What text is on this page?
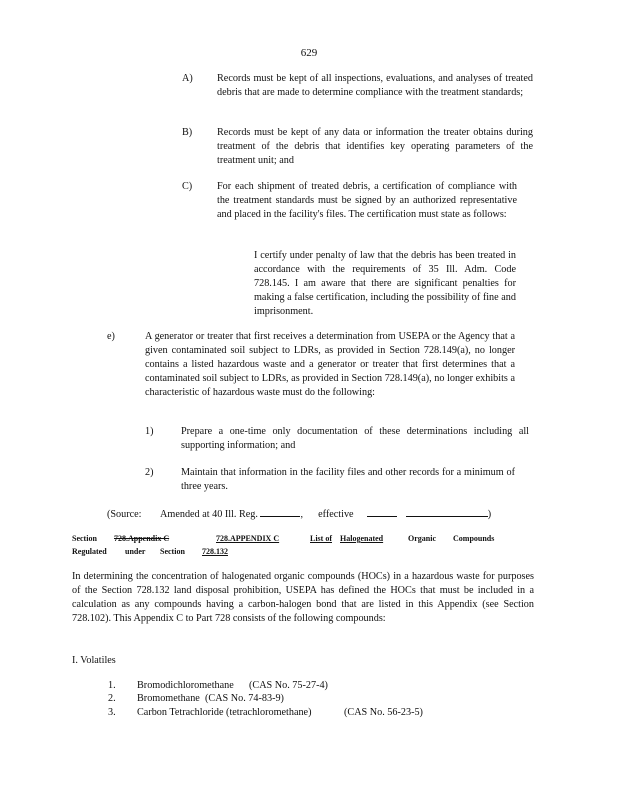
629
A) Records must be kept of all inspections, evaluations, and analyses of treated debris that are made to determine compliance with the treatment standards;
B) Records must be kept of any data or information the treater obtains during treatment of the debris that identifies key operating parameters of the treatment unit; and
C) For each shipment of treated debris, a certification of compliance with the treatment standards must be signed by an authorized representative and placed in the facility's files. The certification must state as follows:
I certify under penalty of law that the debris has been treated in accordance with the requirements of 35 Ill. Adm. Code 728.145. I am aware that there are significant penalties for making a false certification, including the possibility of fine and imprisonment.
e)	A generator or treater that first receives a determination from USEPA or the Agency that a given contaminated soil subject to LDRs, as provided in Section 728.149(a), no longer contains a listed hazardous waste and a generator or treater that first determines that a contaminated soil subject to LDRs, as provided in Section 728.149(a), no longer exhibits a characteristic of hazardous waste must do the following:
1)	Prepare a one-time only documentation of these determinations including all supporting information; and
2)	Maintain that information in the facility files and other records for a minimum of three years.
(Source: Amended at 40 Ill. Reg.	, effective	)
Section 728.Appendix C	728.APPENDIX C	List of Halogenated	Organic Compounds
Regulated under Section 728.132
In determining the concentration of halogenated organic compounds (HOCs) in a hazardous waste for purposes of the Section 728.132 land disposal prohibition, USEPA has defined the HOCs that must be included in a calculation as any compounds having a carbon-halogen bond that are listed in this Appendix (see Section 728.102). This Appendix C to Part 728 consists of the following compounds:
I. Volatiles
1. Bromodichloromethane (CAS No. 75-27-4)
2. Bromomethane (CAS No. 74-83-9)
3. Carbon Tetrachloride (tetrachloromethane)	(CAS No. 56-23-5)
